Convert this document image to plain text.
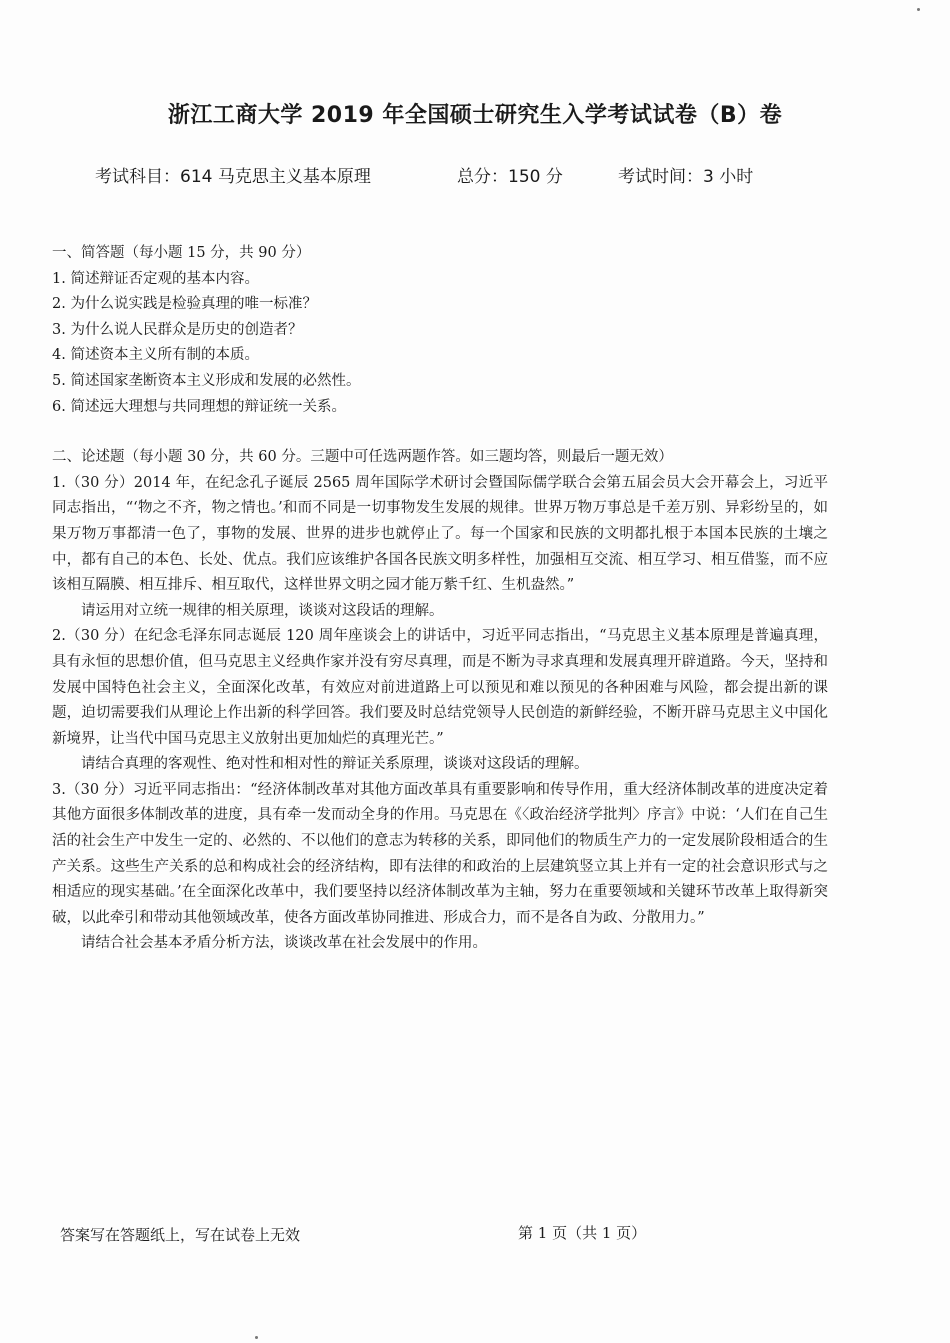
浙江工商大学 2019 年全国硕士研究生入学考试试卷（B）卷
考试科目：614 马克思主义基本原理	总分：150 分	考试时间：3 小时
一、简答题（每小题 15 分，共 90 分）
1. 简述辩证否定观的基本内容。
2. 为什么说实践是检验真理的唯一标准？
3. 为什么说人民群众是历史的创造者？
4. 简述资本主义所有制的本质。
5. 简述国家垄断资本主义形成和发展的必然性。
6. 简述远大理想与共同理想的辩证统一关系。
二、论述题（每小题 30 分，共 60 分。三题中可任选两题作答。如三题均答，则最后一题无效）

1.（30 分）2014 年，在纪念孔子诞辰 2565 周年国际学术研讨会暨国际儒学联合会第五届会员大会开幕会上，习近平同志指出，“‘物之不齐，物之情也。’和而不同是一切事物发生发展的规律。世界万物万事总是千差万别、异彩纷呈的，如果万物万事都清一色了，事物的发展、世界的进步也就停止了。每一个国家和民族的文明都扎根于本国本民族的土壤之中，都有自己的本色、长处、优点。我们应该维护各国各民族文明多样性，加强相互交流、相互学习、相互借鉴，而不应该相互隔膜、相互排斥、相互取代，这样世界文明之园才能万紫千红、生机盎然。”

请运用对立统一规律的相关原理，谈谈对这段话的理解。

2.（30 分）在纪念毛泽东同志诞辰 120 周年座谈会上的讲话中，习近平同志指出，“马克思主义基本原理是普遍真理，具有永恒的思想价值，但马克思主义经典作家并没有穷尽真理，而是不断为寻求真理和发展真理开辟道路。今天，坚持和发展中国特色社会主义，全面深化改革，有效应对前进道路上可以预见和难以预见的各种困难与风险，都会提出新的课题，迫切需要我们从理论上作出新的科学回答。我们要及时总结党领导人民创造的新鲜经验，不断开辟马克思主义中国化新境界，让当代中国马克思主义放射出更加灿烂的真理光芒。”

请结合真理的客观性、绝对性和相对性的辩证关系原理，谈谈对这段话的理解。

3.（30 分）习近平同志指出：“经济体制改革对其他方面改革具有重要影响和传导作用，重大经济体制改革的进度决定着其他方面很多体制改革的进度，具有牵一发而动全身的作用。马克思在《〈政治经济学批判〉序言》中说：‘人们在自己生活的社会生产中发生一定的、必然的、不以他们的意志为转移的关系，即同他们的物质生产力的一定发展阶段相适合的生产关系。这些生产关系的总和构成社会的经济结构，即有法律的和政治的上层建筑竖立其上并有一定的社会意识形式与之相适应的现实基础。’在全面深化改革中，我们要坚持以经济体制改革为主轴，努力在重要领域和关键环节改革上取得新突破，以此牵引和带动其他领域改革，使各方面改革协同推进、形成合力，而不是各自为政、分散用力。”

请结合社会基本矛盾分析方法，谈谈改革在社会发展中的作用。

答案写在答题纸上，写在试卷上无效	第 1 页（共 1 页）
